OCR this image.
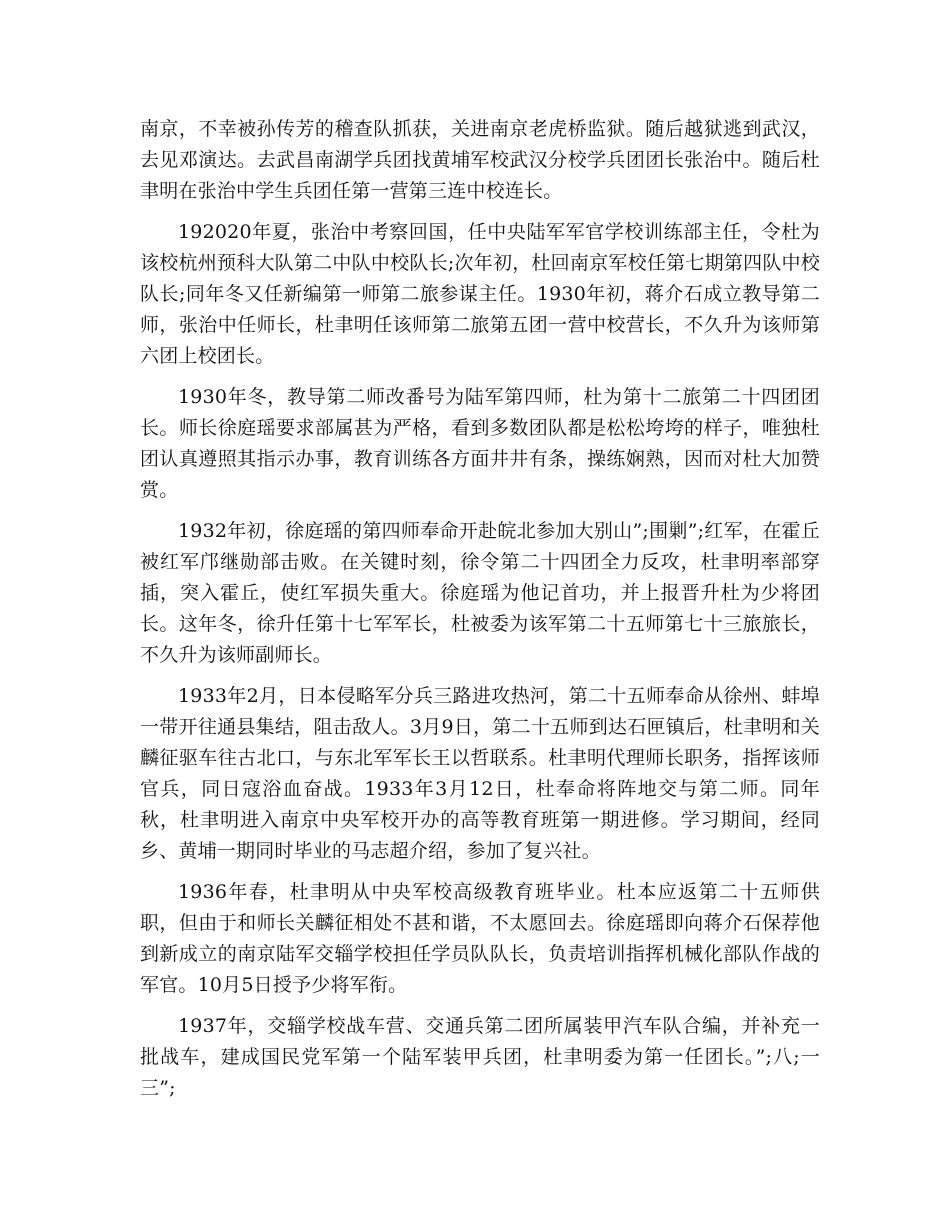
南京，不幸被孙传芳的稽查队抓获，关进南京老虎桥监狱。随后越狱逃到武汉，去见邓演达。去武昌南湖学兵团找黄埔军校武汉分校学兵团团长张治中。随后杜聿明在张治中学生兵团任第一营第三连中校连长。

192020年夏，张治中考察回国，任中央陆军军官学校训练部主任，令杜为该校杭州预科大队第二中队中校队长;次年初，杜回南京军校任第七期第四队中校队长;同年冬又任新编第一师第二旅参谋主任。1930年初，蒋介石成立教导第二师，张治中任师长，杜聿明任该师第二旅第五团一营中校营长，不久升为该师第六团上校团长。

1930年冬，教导第二师改番号为陆军第四师，杜为第十二旅第二十四团团长。师长徐庭瑶要求部属甚为严格，看到多数团队都是松松垮垮的样子，唯独杜团认真遵照其指示办事，教育训练各方面井井有条，操练娴熟，因而对杜大加赞赏。

1932年初，徐庭瑶的第四师奉命开赴皖北参加大别山”;围剿”;红军，在霍丘被红军邝继勋部击败。在关键时刻，徐令第二十四团全力反攻，杜聿明率部穿插，突入霍丘，使红军损失重大。徐庭瑶为他记首功，并上报晋升杜为少将团长。这年冬，徐升任第十七军军长，杜被委为该军第二十五师第七十三旅旅长，不久升为该师副师长。

1933年2月，日本侵略军分兵三路进攻热河，第二十五师奉命从徐州、蚌埠一带开往通县集结，阻击敌人。3月9日，第二十五师到达石匣镇后，杜聿明和关麟征驱车往古北口，与东北军军长王以哲联系。杜聿明代理师长职务，指挥该师官兵，同日寇浴血奋战。1933年3月12日，杜奉命将阵地交与第二师。同年秋，杜聿明进入南京中央军校开办的高等教育班第一期进修。学习期间，经同乡、黄埔一期同时毕业的马志超介绍，参加了复兴社。

1936年春，杜聿明从中央军校高级教育班毕业。杜本应返第二十五师供职，但由于和师长关麟征相处不甚和谐，不太愿回去。徐庭瑶即向蒋介石保荐他到新成立的南京陆军交辎学校担任学员队队长，负责培训指挥机械化部队作战的军官。10月5日授予少将军衔。

1937年，交辎学校战车营、交通兵第二团所属装甲汽车队合编，并补充一批战车，建成国民党军第一个陆军装甲兵团，杜聿明委为第一任团长。”;八;一三”;
